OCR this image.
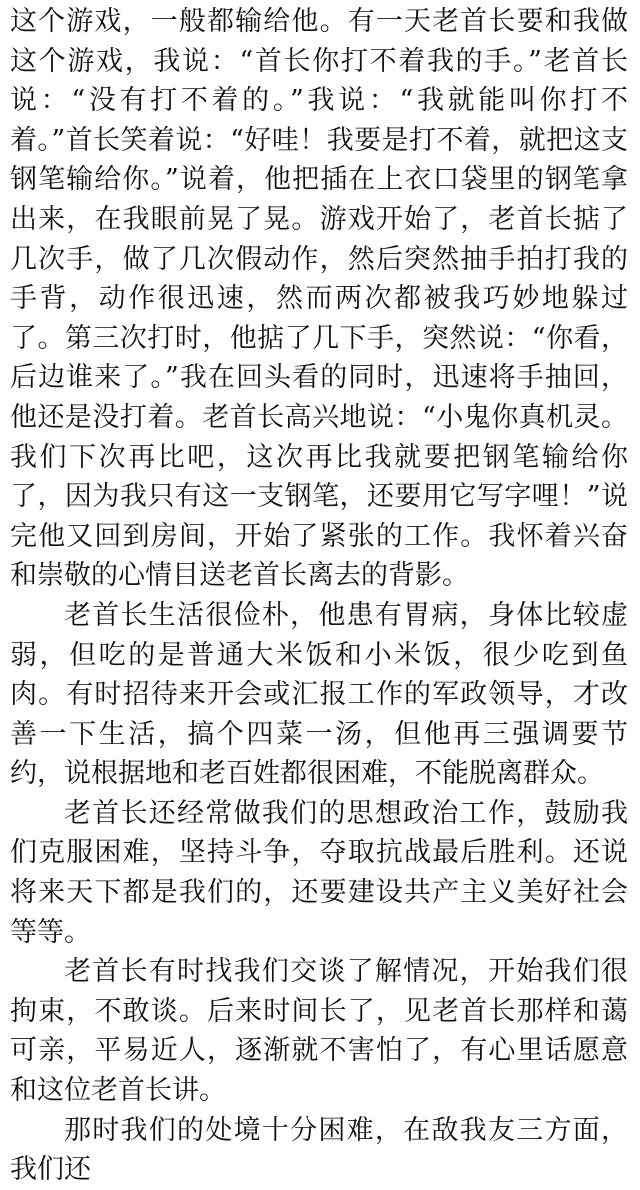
这个游戏，一般都输给他。有一天老首长要和我做这个游戏，我说：“首长你打不着我的手。”老首长说：“没有打不着的。”我说：“我就能叫你打不着。”首长笑着说：“好哇！我要是打不着，就把这支钢笔输给你。”说着，他把插在上衣口袋里的钢笔拿出来，在我眼前晃了晃。游戏开始了，老首长掂了几次手，做了几次假动作，然后突然抽手拍打我的手背，动作很迅速，然而两次都被我巧妙地躲过了。第三次打时，他掂了几下手，突然说：“你看，后边谁来了。”我在回头看的同时，迅速将手抽回，他还是没打着。老首长高兴地说：“小鬼你真机灵。我们下次再比吧，这次再比我就要把钢笔输给你了，因为我只有这一支钢笔，还要用它写字哩！”说完他又回到房间，开始了紧张的工作。我怀着兴奋和崇敬的心情目送老首长离去的背影。

老首长生活很俭朴，他患有胃病，身体比较虚弱，但吃的是普通大米饭和小米饭，很少吃到鱼肉。有时招待来开会或汇报工作的军政领导，才改善一下生活，搞个四菜一汤，但他再三强调要节约，说根据地和老百姓都很困难，不能脱离群众。

老首长还经常做我们的思想政治工作，鼓励我们克服困难，坚持斗争，夺取抗战最后胜利。还说将来天下都是我们的，还要建设共产主义美好社会等等。

老首长有时找我们交谈了解情况，开始我们很拘束，不敢谈。后来时间长了，见老首长那样和蔼可亲，平易近人，逐渐就不害怕了，有心里话愿意和这位老首长讲。

那时我们的处境十分困难，在敌我友三方面，我们还
